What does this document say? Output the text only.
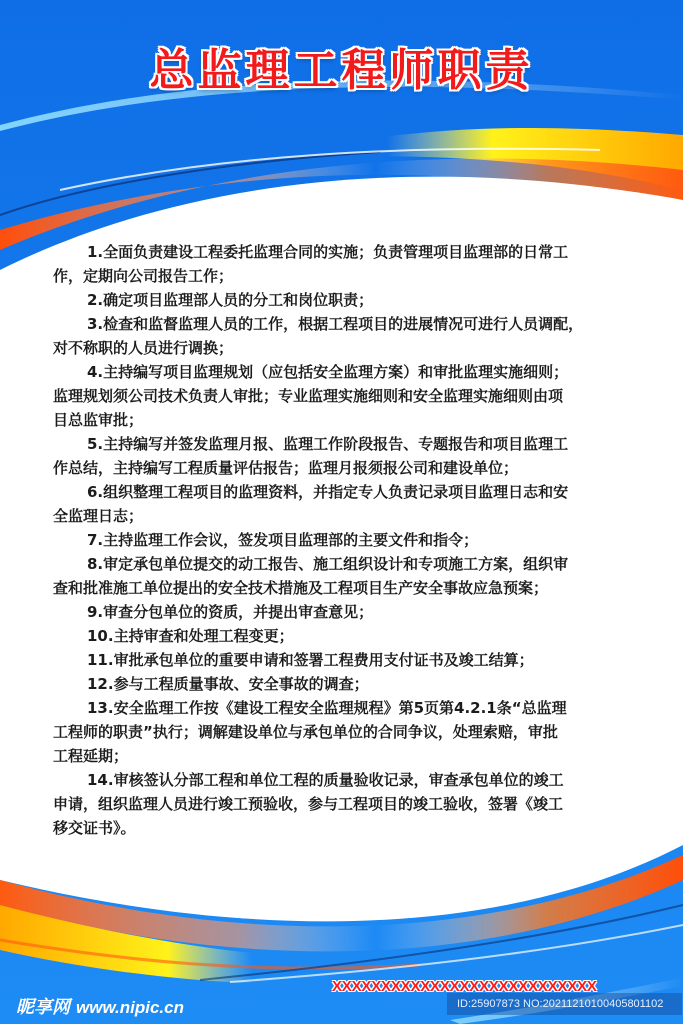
总监理工程师职责
1.全面负责建设工程委托监理合同的实施；负责管理项目监理部的日常工
作，定期向公司报告工作；
2.确定项目监理部人员的分工和岗位职责；
3.检查和监督监理人员的工作，根据工程项目的进展情况可进行人员调配，
对不称职的人员进行调换；
4.主持编写项目监理规划（应包括安全监理方案）和审批监理实施细则；
监理规划须公司技术负责人审批；专业监理实施细则和安全监理实施细则由项
目总监审批；
5.主持编写并签发监理月报、监理工作阶段报告、专题报告和项目监理工
作总结，主持编写工程质量评估报告；监理月报须报公司和建设单位；
6.组织整理工程项目的监理资料，并指定专人负责记录项目监理日志和安
全监理日志；
7.主持监理工作会议，签发项目监理部的主要文件和指令；
8.审定承包单位提交的动工报告、施工组织设计和专项施工方案，组织审
查和批准施工单位提出的安全技术措施及工程项目生产安全事故应急预案；
9.审查分包单位的资质，并提出审查意见；
10.主持审查和处理工程变更；
11.审批承包单位的重要申请和签署工程费用支付证书及竣工结算；
12.参与工程质量事故、安全事故的调查；
13.安全监理工作按《建设工程安全监理规程》第5页第4.2.1条“总监理
工程师的职责”执行；调解建设单位与承包单位的合同争议，处理索赔，审批
工程延期；
14.审核签认分部工程和单位工程的质量验收记录，审查承包单位的竣工
申请，组织监理人员进行竣工预验收，参与工程项目的竣工验收，签署《竣工
移交证书》。
XXXXXXXXXXXXXXXXXXXXXXXXXXX
ID:25907873 NO:20211210100405801102
昵享网 www.nipic.cn
